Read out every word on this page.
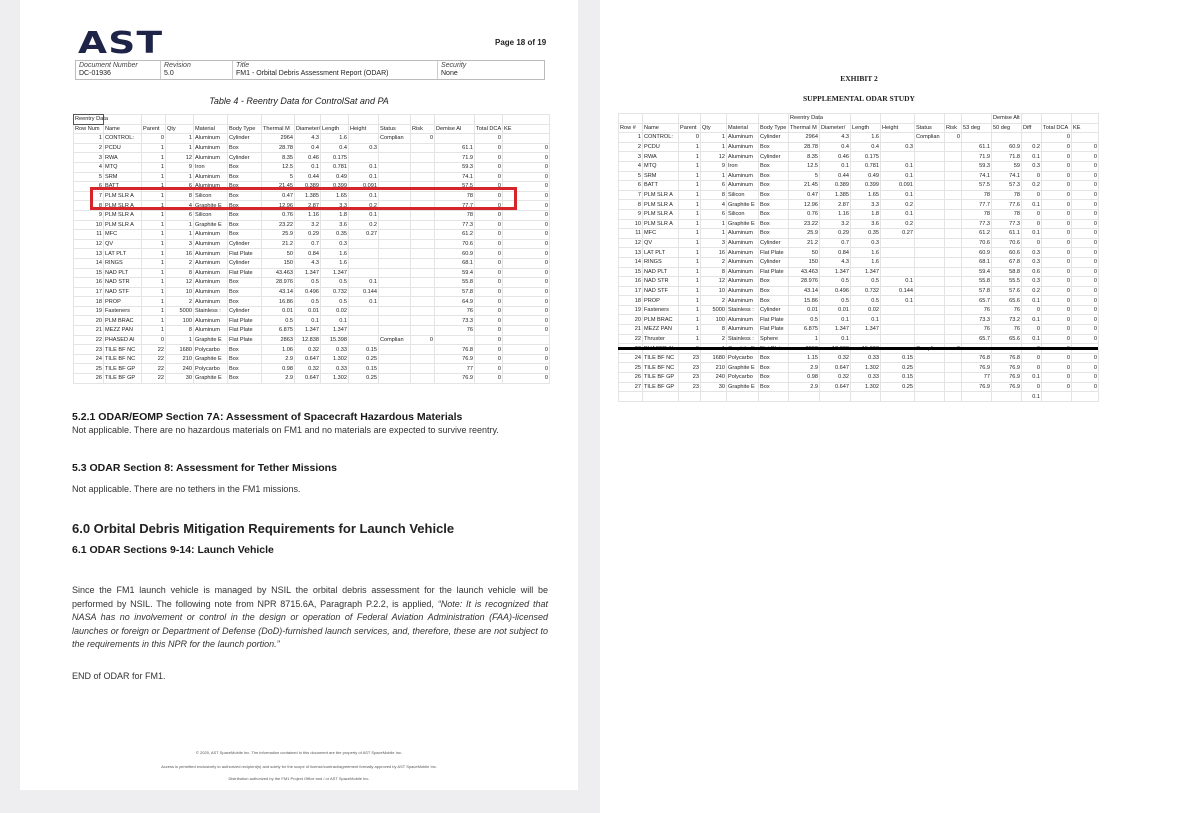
AST	Page 18 of 19
Document Number
DC-01936
Revision
5.0
Title
FM1 - Orbital Debris Assessment Report (ODAR)
Security
None
Table 4 - Reentry Data for ControlSat and PA
Reentry Data														
Row Num	Name	Parent	Qty	Material	Body Type	Thermal M	Diameter/	Length	Height	Status	Risk	Demise Al	Total DCA	KE
1	CONTROL:	0	1	Aluminum	Cylinder	2964	4.3	1.6		Complian	0		0	
2	PCDU	1	1	Aluminum	Box	28.78	0.4	0.4	0.3			61.1	0	0
3	RWA	1	12	Aluminum	Cylinder	8.35	0.46	0.175				71.9	0	0
4	MTQ	1	9	Iron	Box	12.5	0.1	0.781	0.1			59.3	0	0
5	SRM	1	1	Aluminum	Box	5	0.44	0.49	0.1			74.1	0	0
6	BATT	1	6	Aluminum	Box	21.45	0.389	0.399	0.091			57.5	0	0
7	PLM SLR A	1	8	Silicon	Box	0.47	1.385	1.65	0.1			78	0	0
8	PLM SLR A	1	4	Graphite E	Box	12.96	2.87	3.3	0.2			77.7	0	0
9	PLM SLR A	1	6	Silicon	Box	0.76	1.16	1.8	0.1			78	0	0
10	PLM SLR A	1	1	Graphite E	Box	23.22	3.2	3.6	0.2			77.3	0	0
11	MFC	1	1	Aluminum	Box	25.9	0.29	0.35	0.27			61.2	0	0
12	QV	1	3	Aluminum	Cylinder	21.2	0.7	0.3				70.6	0	0
13	LAT PLT	1	16	Aluminum	Flat Plate	50	0.84	1.6				60.9	0	0
14	RINGS	1	2	Aluminum	Cylinder	150	4.3	1.6				68.1	0	0
15	NAD PLT	1	8	Aluminum	Flat Plate	43.463	1.347	1.347				59.4	0	0
16	NAD STR	1	12	Aluminum	Box	28.976	0.5	0.5	0.1			55.8	0	0
17	NAD STF	1	10	Aluminum	Box	43.14	0.496	0.732	0.144			57.8	0	0
18	PROP	1	2	Aluminum	Box	16.86	0.5	0.5	0.1			64.9	0	0
19	Fasteners	1	5000	Stainless :	Cylinder	0.01	0.01	0.02				76	0	0
20	PLM BRAC	1	100	Aluminum	Flat Plate	0.5	0.1	0.1				73.3	0	0
21	MEZZ PAN	1	8	Aluminum	Flat Plate	6.875	1.347	1.347				76	0	0
22	PHASED AI	0	1	Graphite E	Flat Plate	2863	12.838	15.398		Complian	0		0	
23	TILE BF NC	22	1680	Polycarbo	Box	1.06	0.32	0.33	0.15			76.8	0	0
24	TILE BF NC	22	210	Graphite E	Box	2.9	0.647	1.302	0.25			76.9	0	0
25	TILE BF GP	22	240	Polycarbo	Box	0.98	0.32	0.33	0.15			77	0	0
26	TILE BF GP	22	30	Graphite E	Box	2.9	0.647	1.302	0.25			76.9	0	0
5.2.1 ODAR/EOMP Section 7A: Assessment of Spacecraft Hazardous Materials
Not applicable. There are no hazardous materials on FM1 and no materials are expected to survive reentry.
5.3 ODAR Section 8: Assessment for Tether Missions
Not applicable. There are no tethers in the FM1 missions.
6.0 Orbital Debris Mitigation Requirements for Launch Vehicle
6.1 ODAR Sections 9-14: Launch Vehicle
Since the FM1 launch vehicle is managed by NSIL the orbital debris assessment for the launch vehicle will be performed by NSIL. The following note from NPR 8715.6A, Paragraph P.2.2, is applied, “Note: It is recognized that NASA has no involvement or control in the design or operation of Federal Aviation Administration (FAA)-licensed launches or foreign or Department of Defense (DoD)-furnished launch services, and, therefore, these are not subject to the requirements in this NPR for the launch portion.”
END of ODAR for FM1.
© 2025, AST SpaceMobile Inc. The information contained in this document are the property of AST SpaceMobile Inc.
Access is permitted exclusively to authorized recipient(s) and solely for the scope of license/contract/agreement formally approved by AST SpaceMobile Inc.
Distribution authorized by the FM1 Project Office and / or AST SpaceMobile Inc.
EXHIBIT 2
SUPPLEMENTAL ODAR STUDY
						Reentry Data							Demise Alt			
Row #	Name	Parent	Qty	Material	Body Type	Thermal M	Diameter/	Length	Height	Status	Risk	53 deg	50 deg	Diff	Total DCA	KE
1	CONTROL:	0	1	Aluminum	Cylinder	2964	4.3	1.6		Complian	0				0	
2	PCDU	1	1	Aluminum	Box	28.78	0.4	0.4	0.3			61.1	60.9	0.2	0	0
3	RWA	1	12	Aluminum	Cylinder	8.35	0.46	0.175				71.9	71.8	0.1	0	0
4	MTQ	1	9	Iron	Box	12.5	0.1	0.781	0.1			59.3	59	0.3	0	0
5	SRM	1	1	Aluminum	Box	5	0.44	0.49	0.1			74.1	74.1	0	0	0
6	BATT	1	6	Aluminum	Box	21.45	0.389	0.399	0.091			57.5	57.3	0.2	0	0
7	PLM SLR A	1	8	Silicon	Box	0.47	1.385	1.65	0.1			78	78	0	0	0
8	PLM SLR A	1	4	Graphite E	Box	12.96	2.87	3.3	0.2			77.7	77.6	0.1	0	0
9	PLM SLR A	1	6	Silicon	Box	0.76	1.16	1.8	0.1			78	78	0	0	0
10	PLM SLR A	1	1	Graphite E	Box	23.22	3.2	3.6	0.2			77.3	77.3	0	0	0
11	MFC	1	1	Aluminum	Box	25.9	0.29	0.35	0.27			61.2	61.1	0.1	0	0
12	QV	1	3	Aluminum	Cylinder	21.2	0.7	0.3				70.6	70.6	0	0	0
13	LAT PLT	1	16	Aluminum	Flat Plate	50	0.84	1.6				60.9	60.6	0.3	0	0
14	RINGS	1	2	Aluminum	Cylinder	150	4.3	1.6				68.1	67.8	0.3	0	0
15	NAD PLT	1	8	Aluminum	Flat Plate	43.463	1.347	1.347				59.4	58.8	0.6	0	0
16	NAD STR	1	12	Aluminum	Box	28.976	0.5	0.5	0.1			55.8	55.5	0.3	0	0
17	NAD STF	1	10	Aluminum	Box	43.14	0.496	0.732	0.144			57.8	57.6	0.2	0	0
18	PROP	1	2	Aluminum	Box	15.86	0.5	0.5	0.1			65.7	65.6	0.1	0	0
19	Fasteners	1	5000	Stainless :	Cylinder	0.01	0.01	0.02				76	76	0	0	0
20	PLM BRAC	1	100	Aluminum	Flat Plate	0.5	0.1	0.1				73.3	73.2	0.1	0	0
21	MEZZ PAN	1	8	Aluminum	Flat Plate	6.875	1.347	1.347				76	76	0	0	0
22	Thruster	1	2	Stainless :	Sphere	1	0.1					65.7	65.6	0.1	0	0

24	TILE BF NC	23	1680	Polycarbo	Box	1.15	0.32	0.33	0.15			76.8	76.8	0	0	0
25	TILE BF NC	23	210	Graphite E	Box	2.9	0.647	1.302	0.25			76.9	76.9	0	0	0
26	TILE BF GP	23	240	Polycarbo	Box	0.98	0.32	0.33	0.15			77	76.9	0.1	0	0
27	TILE BF GP	23	30	Graphite E	Box	2.9	0.647	1.302	0.25			76.9	76.9	0	0	0
														0.1		
